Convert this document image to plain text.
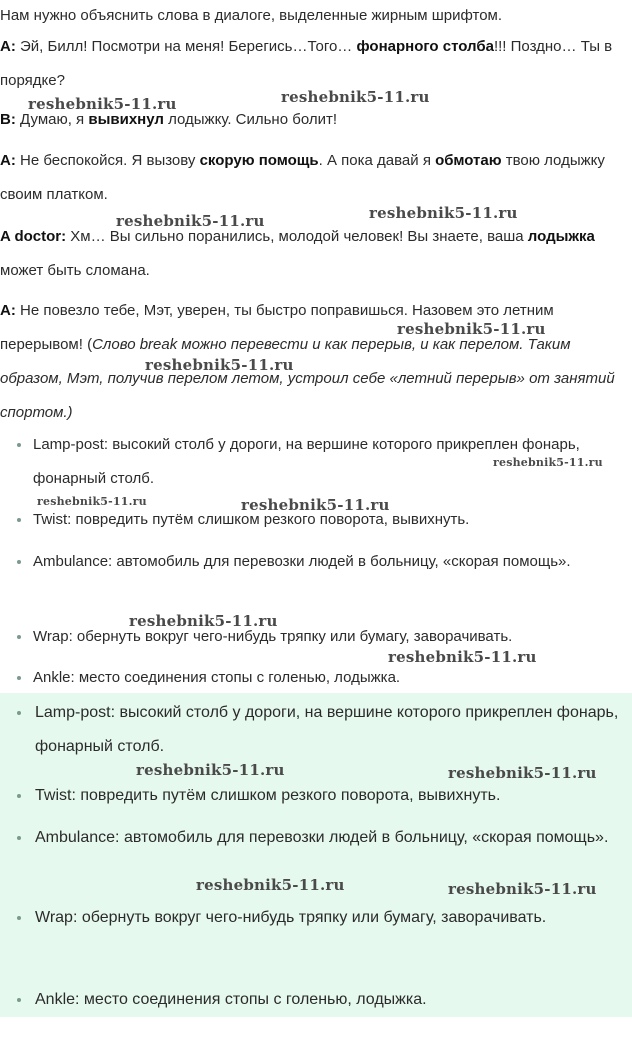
Нам нужно объяснить слова в диалоге, выделенные жирным шрифтом.

A: Эй, Билл! Посмотри на меня! Берегись…Того… фонарного столба!!! Поздно… Ты в порядке?

B: Думаю, я вывихнул лодыжку. Сильно болит!

A: Не беспокойся. Я вызову скорую помощь. А пока давай я обмотаю твою лодыжку своим платком.

A doctor: Хм… Вы сильно поранились, молодой человек! Вы знаете, ваша лодыжка может быть сломана.

A: Не повезло тебе, Мэт, уверен, ты быстро поправишься. Назовем это летним перерывом! (Слово break можно перевести и как перерыв, и как перелом. Таким образом, Мэт, получив перелом летом, устроил себе «летний перерыв» от занятий спортом.)

Lamp-post: высокий столб у дороги, на вершине которого прикреплен фонарь, фонарный столб.
Twist: повредить путём слишком резкого поворота, вывихнуть.
Ambulance: автомобиль для перевозки людей в больницу, «скорая помощь».
Wrap: обернуть вокруг чего-нибудь тряпку или бумагу, заворачивать.
Ankle: место соединения стопы с голенью, лодыжка.
Lamp-post: высокий столб у дороги, на вершине которого прикреплен фонарь, фонарный столб.
Twist: повредить путём слишком резкого поворота, вывихнуть.
Ambulance: автомобиль для перевозки людей в больницу, «скорая помощь».
Wrap: обернуть вокруг чего-нибудь тряпку или бумагу, заворачивать.
Ankle: место соединения стопы с голенью, лодыжка.
reshebnik5-11.ru	reshebnik5-11.ru
reshebnik5-11.ru	reshebnik5-11.ru
reshebnik5-11.ru
reshebnik5-11.ru
reshebnik5-11.ru
reshebnik5-11.ru	reshebnik5-11.ru
reshebnik5-11.ru
reshebnik5-11.ru
reshebnik5-11.ru	reshebnik5-11.ru
reshebnik5-11.ru	reshebnik5-11.ru
